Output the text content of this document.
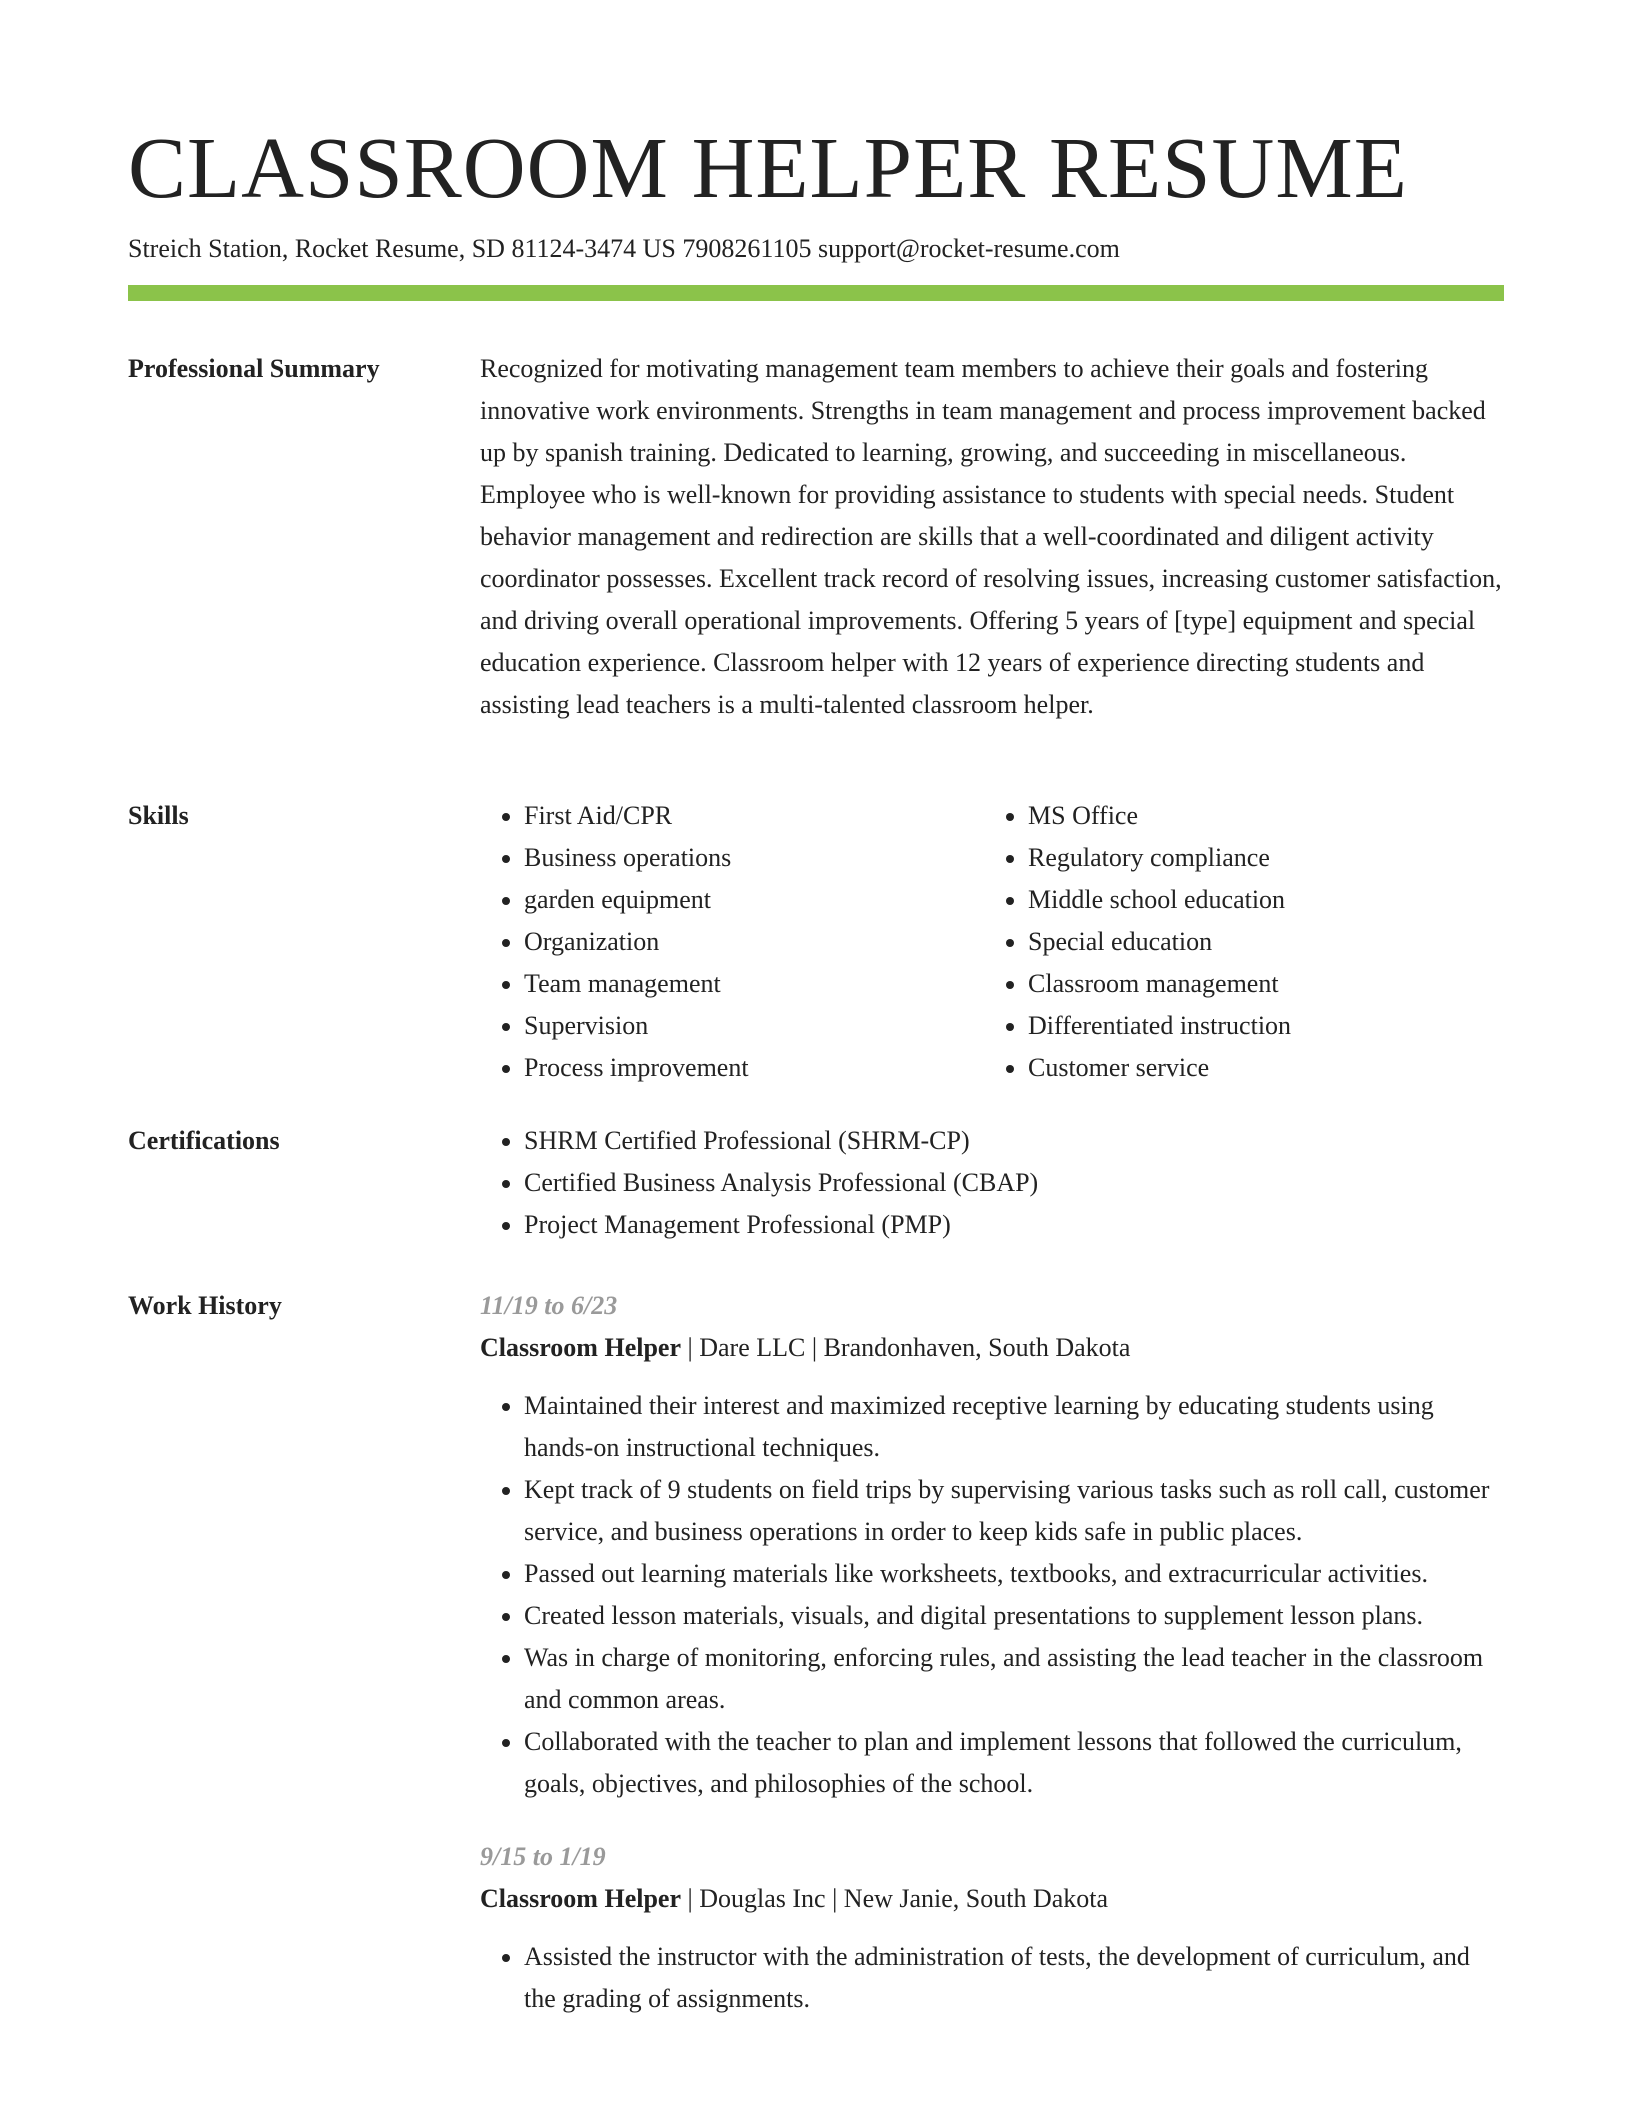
CLASSROOM HELPER RESUME
Streich Station, Rocket Resume, SD 81124-3474 US 7908261105 support@rocket-resume.com
Professional Summary	Recognized for motivating management team members to achieve their goals and fostering innovative work environments. Strengths in team management and process improvement backed up by spanish training. Dedicated to learning, growing, and succeeding in miscellaneous. Employee who is well-known for providing assistance to students with special needs. Student behavior management and redirection are skills that a well-coordinated and diligent activity coordinator possesses. Excellent track record of resolving issues, increasing customer satisfaction, and driving overall operational improvements. Offering 5 years of [type] equipment and special education experience. Classroom helper with 12 years of experience directing students and assisting lead teachers is a multi-talented classroom helper.

Skills	• First Aid/CPR
• Business operations
• garden equipment
• Organization
• Team management
• Supervision
• Process improvement
• MS Office
• Regulatory compliance
• Middle school education
• Special education
• Classroom management
• Differentiated instruction
• Customer service
Certifications	• SHRM Certified Professional (SHRM-CP)
• Certified Business Analysis Professional (CBAP)
• Project Management Professional (PMP)
Work History	11/19 to 6/23
Classroom Helper | Dare LLC | Brandonhaven, South Dakota
• Maintained their interest and maximized receptive learning by educating students using hands-on instructional techniques.
• Kept track of 9 students on field trips by supervising various tasks such as roll call, customer service, and business operations in order to keep kids safe in public places.
• Passed out learning materials like worksheets, textbooks, and extracurricular activities.
• Created lesson materials, visuals, and digital presentations to supplement lesson plans.
• Was in charge of monitoring, enforcing rules, and assisting the lead teacher in the classroom and common areas.
• Collaborated with the teacher to plan and implement lessons that followed the curriculum, goals, objectives, and philosophies of the school.
9/15 to 1/19
Classroom Helper | Douglas Inc | New Janie, South Dakota
• Assisted the instructor with the administration of tests, the development of curriculum, and the grading of assignments.
